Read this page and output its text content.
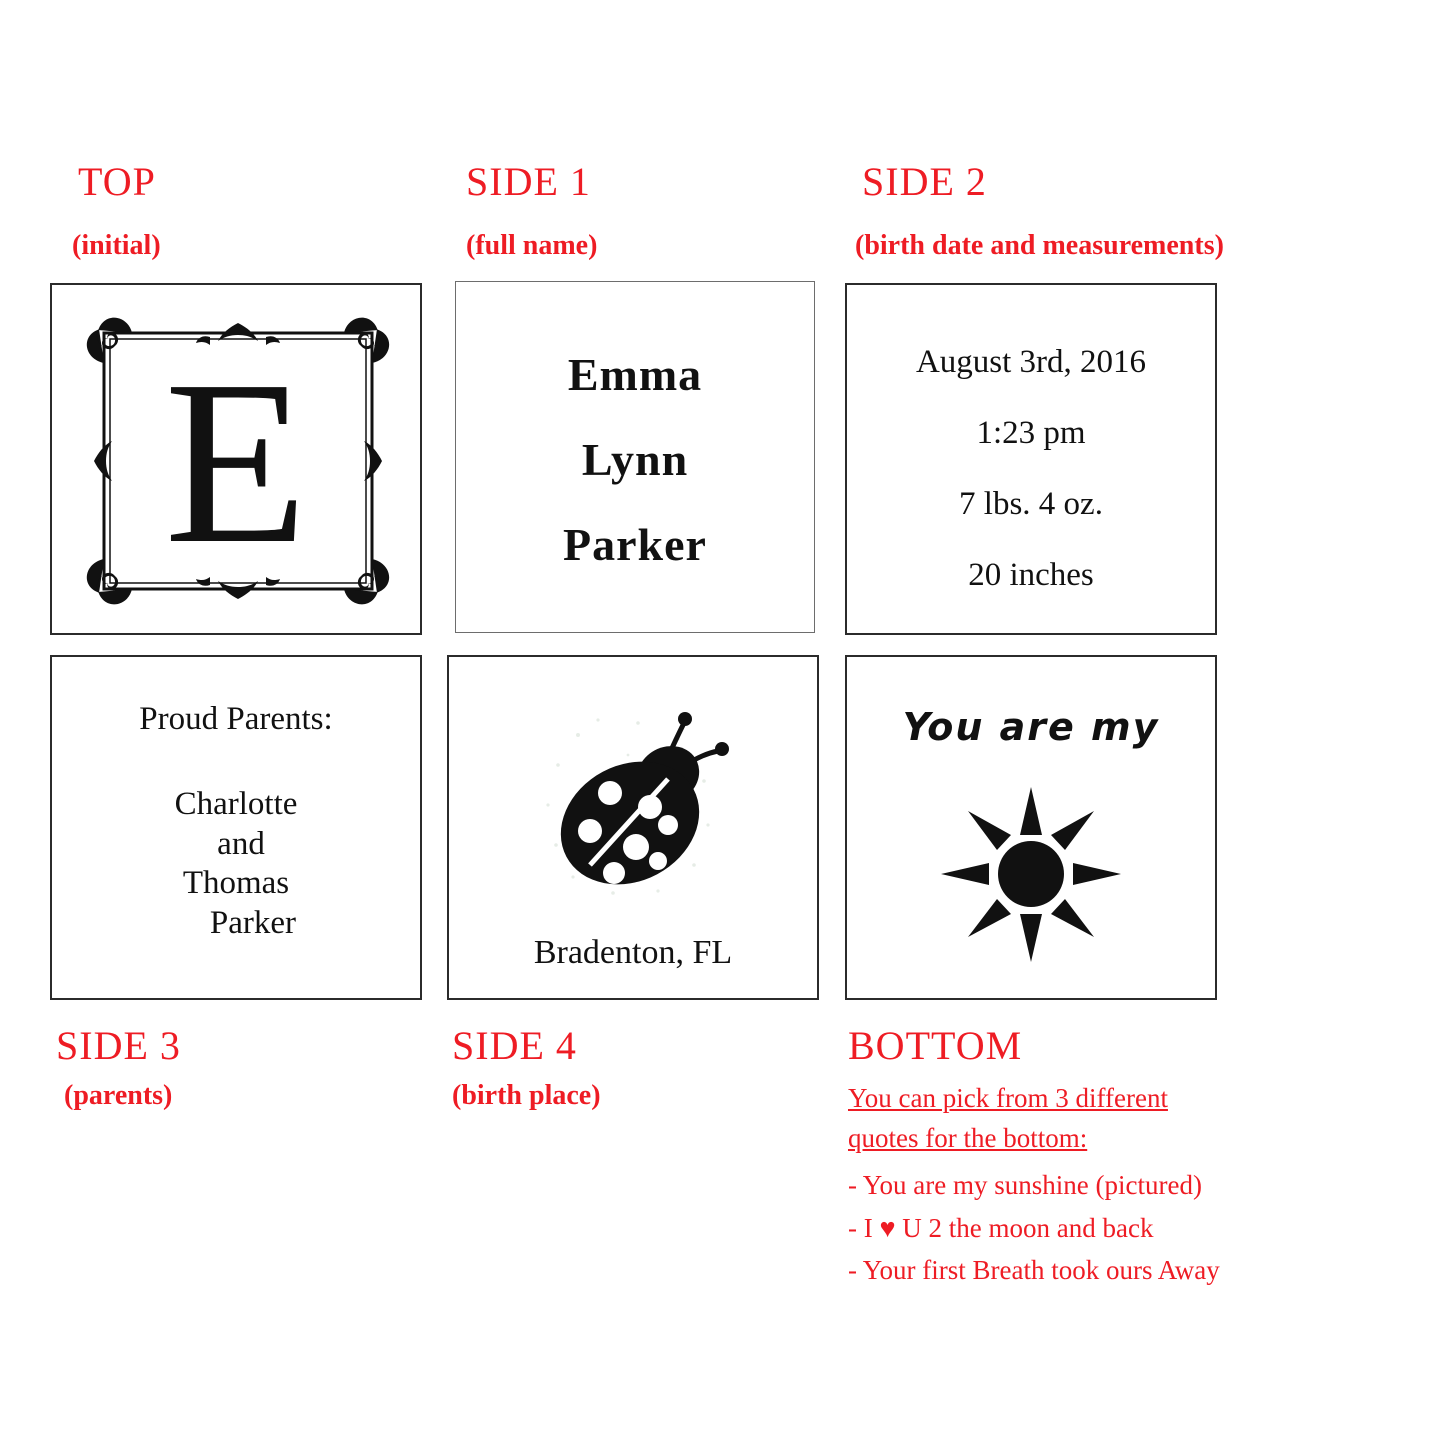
TOP
(initial)
E
SIDE 1
(full name)
Emma
Lynn
Parker
SIDE 2
(birth date and measurements)
August 3rd, 2016
1:23 pm
7 lbs. 4 oz.
20 inches
Proud Parents:
Charlotte
and
Thomas
Parker
SIDE 3
(parents)
Bradenton, FL
SIDE 4
(birth place)
You are my
BOTTOM
You can pick from 3 different
quotes for the bottom:
- You are my sunshine (pictured)
- I ♥ U 2 the moon and back
- Your first Breath took ours Away
